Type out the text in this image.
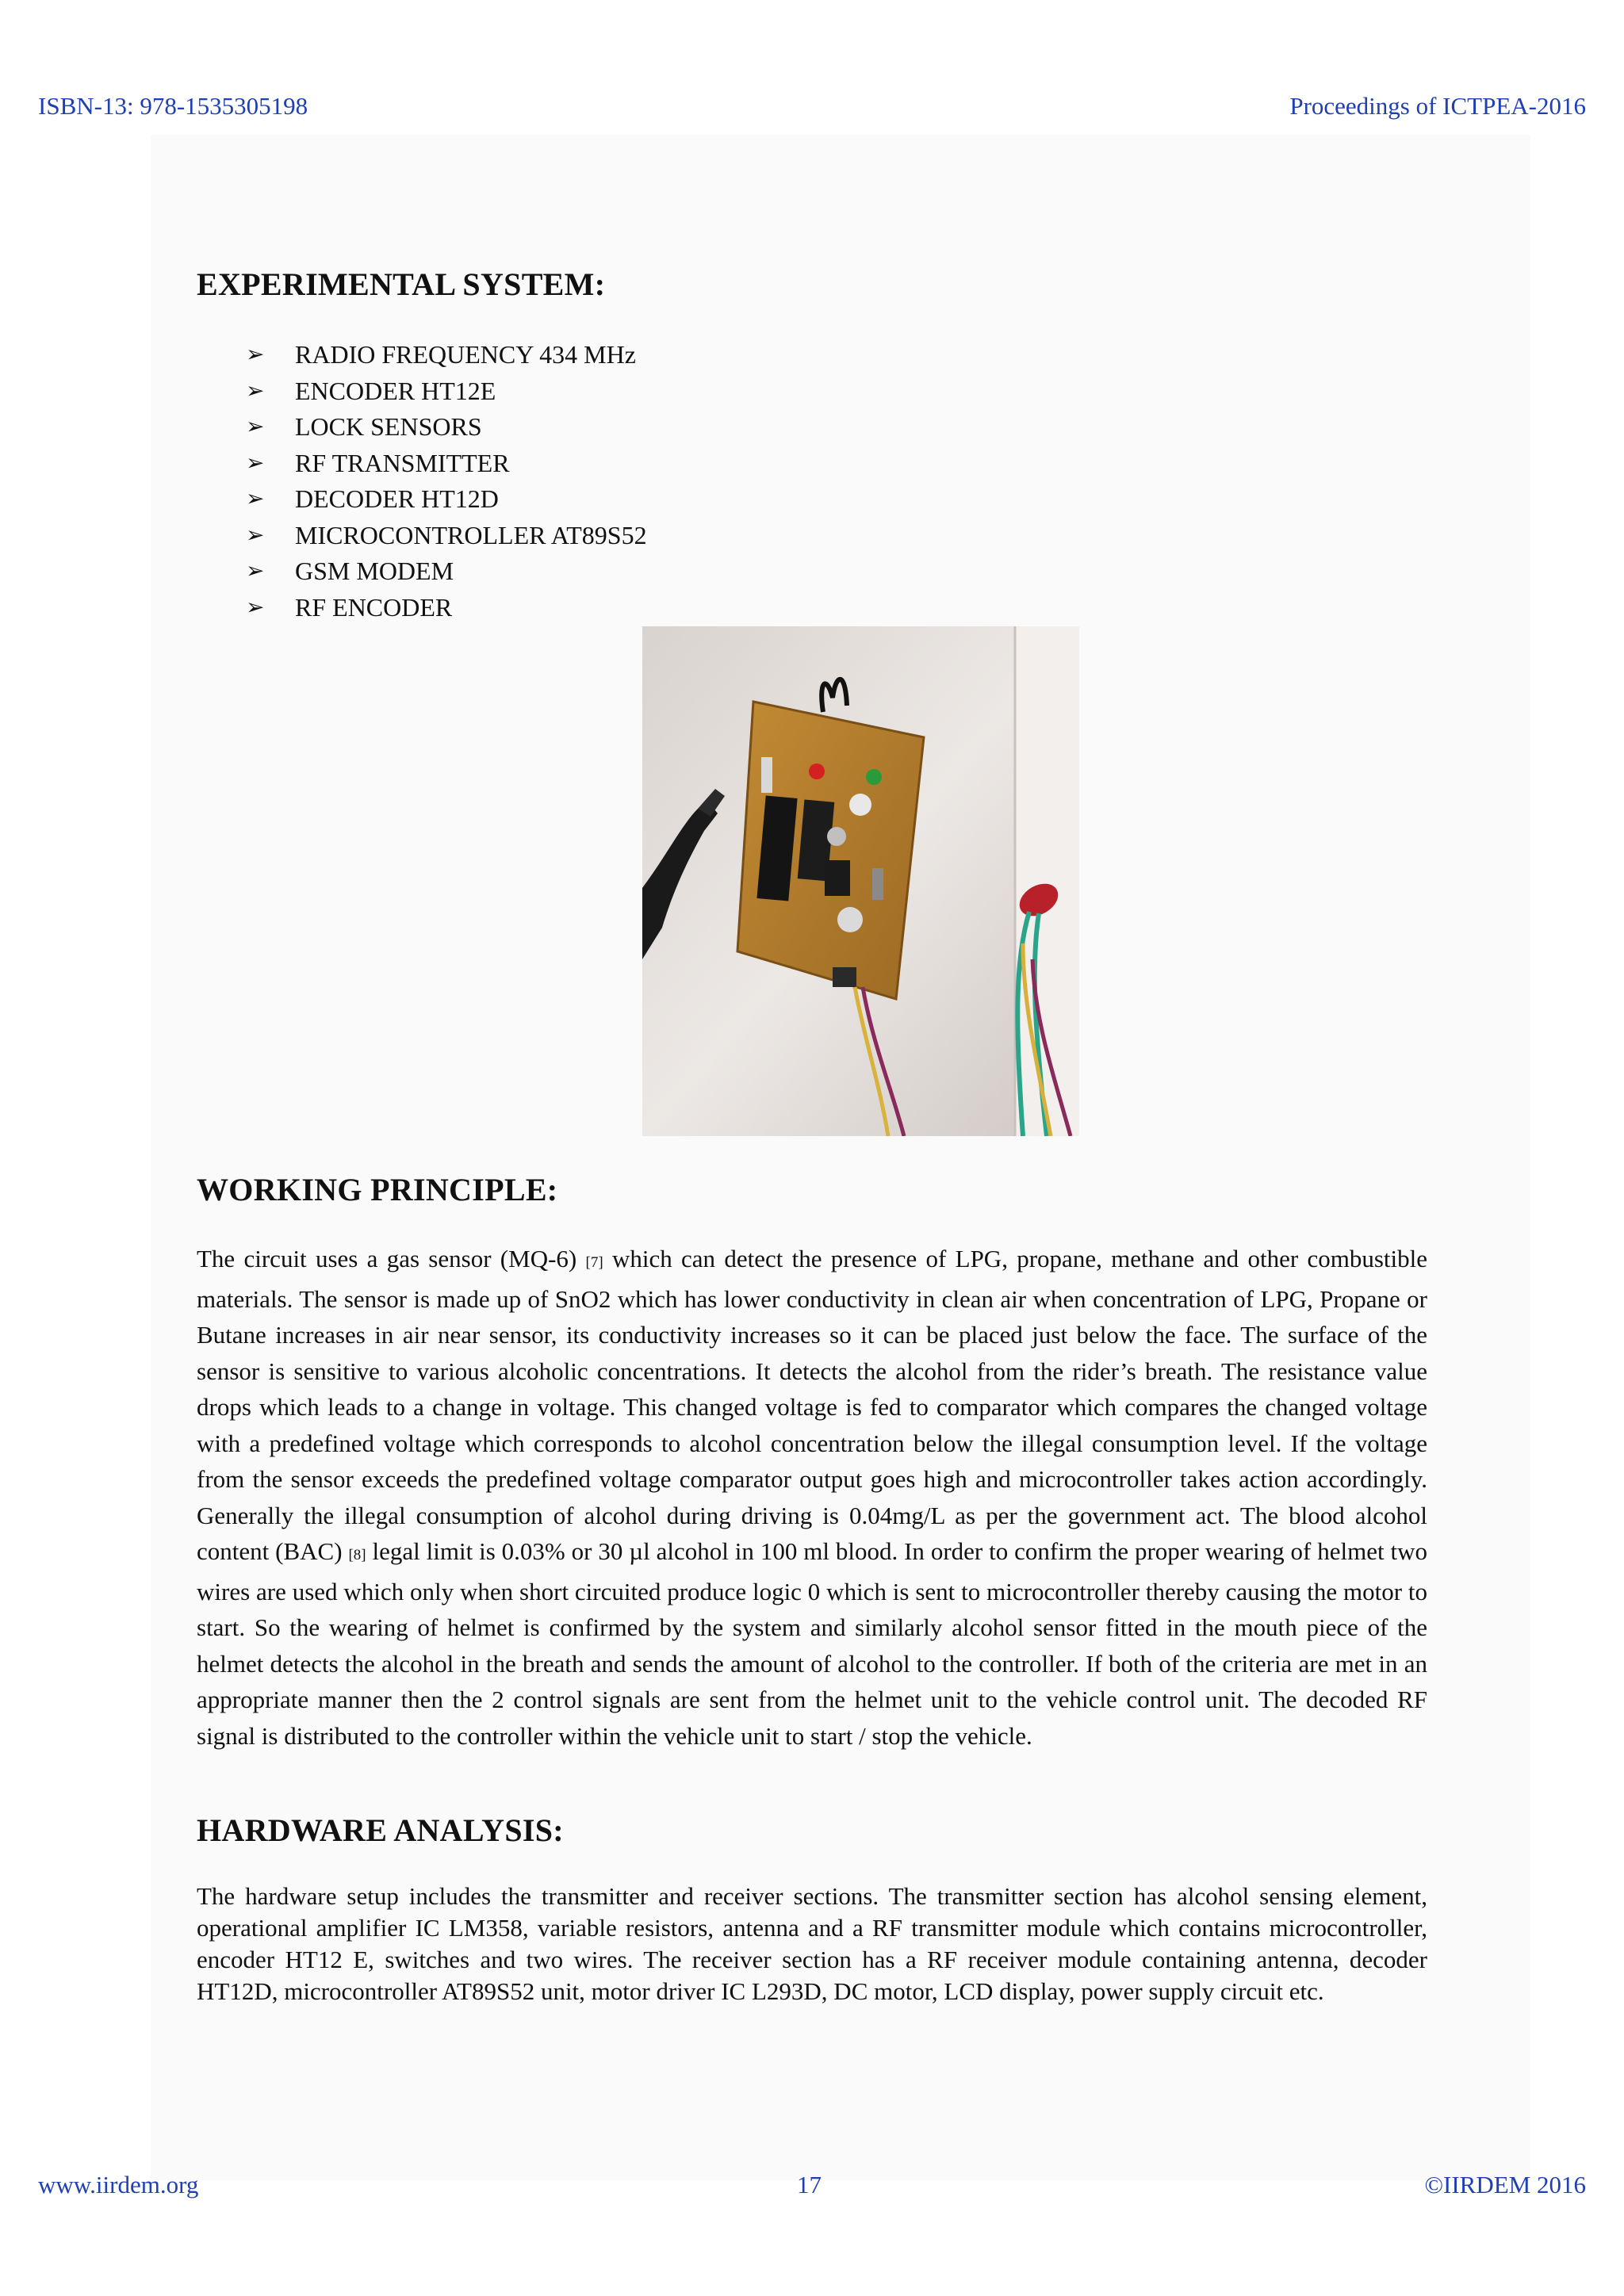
ISBN-13: 978-1535305198	Proceedings of ICTPEA-2016
EXPERIMENTAL SYSTEM:
➢ RADIO FREQUENCY 434 MHz
➢ ENCODER HT12E
➢ LOCK SENSORS
➢ RF TRANSMITTER
➢ DECODER HT12D
➢ MICROCONTROLLER AT89S52
➢ GSM MODEM
➢ RF ENCODER
WORKING PRINCIPLE:

The circuit uses a gas sensor (MQ-6) [7] which can detect the presence of LPG, propane, methane and other combustible materials. The sensor is made up of SnO2 which has lower conductivity in clean air when concentration of LPG, Propane or Butane increases in air near sensor, its conductivity increases so it can be placed just below the face. The surface of the sensor is sensitive to various alcoholic concentrations. It detects the alcohol from the rider’s breath. The resistance value drops which leads to a change in voltage. This changed voltage is fed to comparator which compares the changed voltage with a predefined voltage which corresponds to alcohol concentration below the illegal consumption level. If the voltage from the sensor exceeds the predefined voltage comparator output goes high and microcontroller takes action accordingly. Generally the illegal consumption of alcohol during driving is 0.04mg/L as per the government act. The blood alcohol content (BAC) [8] legal limit is 0.03% or 30 µl alcohol in 100 ml blood. In order to confirm the proper wearing of helmet two wires are used which only when short circuited produce logic 0 which is sent to microcontroller thereby causing the motor to start. So the wearing of helmet is confirmed by the system and similarly alcohol sensor fitted in the mouth piece of the helmet detects the alcohol in the breath and sends the amount of alcohol to the controller. If both of the criteria are met in an appropriate manner then the 2 control signals are sent from the helmet unit to the vehicle control unit. The decoded RF signal is distributed to the controller within the vehicle unit to start / stop the vehicle.

HARDWARE ANALYSIS:

The hardware setup includes the transmitter and receiver sections. The transmitter section has alcohol sensing element, operational amplifier IC LM358, variable resistors, antenna and a RF transmitter module which contains microcontroller, encoder HT12 E, switches and two wires. The receiver section has a RF receiver module containing antenna, decoder HT12D, microcontroller AT89S52 unit, motor driver IC L293D, DC motor, LCD display, power supply circuit etc.

www.iirdem.org	17	©IIRDEM 2016
